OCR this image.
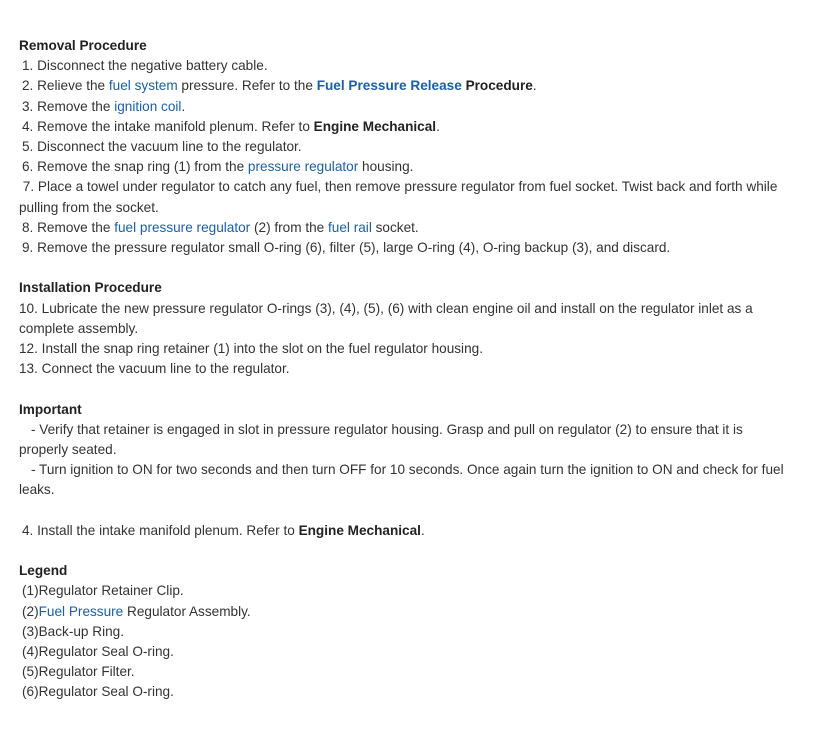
Removal Procedure
1. Disconnect the negative battery cable.
2. Relieve the fuel system pressure. Refer to the Fuel Pressure Release Procedure.
3. Remove the ignition coil.
4. Remove the intake manifold plenum. Refer to Engine Mechanical.
5. Disconnect the vacuum line to the regulator.
6. Remove the snap ring (1) from the pressure regulator housing.
7. Place a towel under regulator to catch any fuel, then remove pressure regulator from fuel socket. Twist back and forth while pulling from the socket.
8. Remove the fuel pressure regulator (2) from the fuel rail socket.
9. Remove the pressure regulator small O-ring (6), filter (5), large O-ring (4), O-ring backup (3), and discard.
Installation Procedure
10. Lubricate the new pressure regulator O-rings (3), (4), (5), (6) with clean engine oil and install on the regulator inlet as a complete assembly.
12. Install the snap ring retainer (1) into the slot on the fuel regulator housing.
13. Connect the vacuum line to the regulator.
Important
- Verify that retainer is engaged in slot in pressure regulator housing. Grasp and pull on regulator (2) to ensure that it is properly seated.
- Turn ignition to ON for two seconds and then turn OFF for 10 seconds. Once again turn the ignition to ON and check for fuel leaks.
4. Install the intake manifold plenum. Refer to Engine Mechanical.
Legend
(1)Regulator Retainer Clip.
(2)Fuel Pressure Regulator Assembly.
(3)Back-up Ring.
(4)Regulator Seal O-ring.
(5)Regulator Filter.
(6)Regulator Seal O-ring.
